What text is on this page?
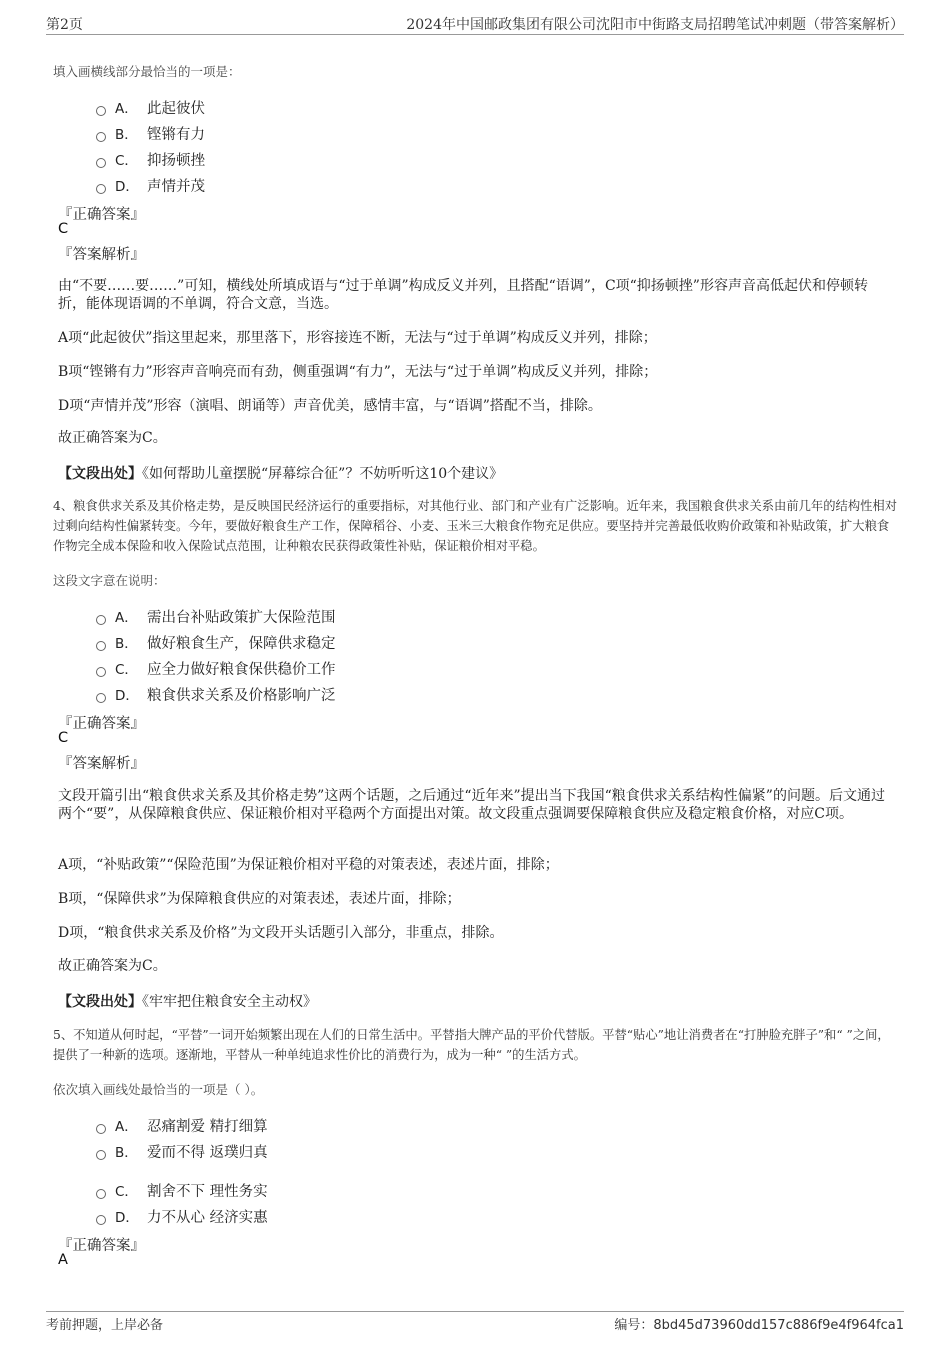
第2页	2024年中国邮政集团有限公司沈阳市中街路支局招聘笔试冲刺题（带答案解析）
填入画横线部分最恰当的一项是：
A． 此起彼伏
B． 铿锵有力
C． 抑扬顿挫
D． 声情并茂
『正确答案』
C
『答案解析』
由“不要……要……”可知，横线处所填成语与“过于单调”构成反义并列，且搭配“语调”，C项“抑扬顿挫”形容声音高低起伏和停顿转折，能体现语调的不单调，符合文意，当选。
A项“此起彼伏”指这里起来，那里落下，形容接连不断，无法与“过于单调”构成反义并列，排除；
B项“铿锵有力”形容声音响亮而有劲，侧重强调“有力”，无法与“过于单调”构成反义并列，排除；
D项“声情并茂”形容（演唱、朗诵等）声音优美，感情丰富，与“语调”搭配不当，排除。
故正确答案为C。
【文段出处】《如何帮助儿童摆脱“屏幕综合征”？不妨听听这10个建议》
4、粮食供求关系及其价格走势，是反映国民经济运行的重要指标，对其他行业、部门和产业有广泛影响。近年来，我国粮食供求关系由前几年的结构性相对过剩向结构性偏紧转变。今年，要做好粮食生产工作，保障稻谷、小麦、玉米三大粮食作物充足供应。要坚持并完善最低收购价政策和补贴政策，扩大粮食作物完全成本保险和收入保险试点范围，让种粮农民获得政策性补贴，保证粮价相对平稳。
这段文字意在说明：
A． 需出台补贴政策扩大保险范围
B． 做好粮食生产，保障供求稳定
C． 应全力做好粮食保供稳价工作
D． 粮食供求关系及价格影响广泛
『正确答案』
C
『答案解析』
文段开篇引出“粮食供求关系及其价格走势”这两个话题，之后通过“近年来”提出当下我国“粮食供求关系结构性偏紧”的问题。后文通过两个“要”，从保障粮食供应、保证粮价相对平稳两个方面提出对策。故文段重点强调要保障粮食供应及稳定粮食价格，对应C项。
A项，“补贴政策”“保险范围”为保证粮价相对平稳的对策表述，表述片面，排除；
B项，“保障供求”为保障粮食供应的对策表述，表述片面，排除；
D项，“粮食供求关系及价格”为文段开头话题引入部分，非重点，排除。
故正确答案为C。
【文段出处】《牢牢把住粮食安全主动权》
5、不知道从何时起，“平替”一词开始频繁出现在人们的日常生活中。平替指大牌产品的平价代替版。平替“贴心”地让消费者在“打肿脸充胖子”和“ ”之间，提供了一种新的选项。逐渐地，平替从一种单纯追求性价比的消费行为，成为一种“ ”的生活方式。
依次填入画线处最恰当的一项是（ ）。
A． 忍痛割爱 精打细算
B． 爱而不得 返璞归真
C． 割舍不下 理性务实
D． 力不从心 经济实惠
『正确答案』
A
考前押题，上岸必备	编号：8bd45d73960dd157c886f9e4f964fca1
